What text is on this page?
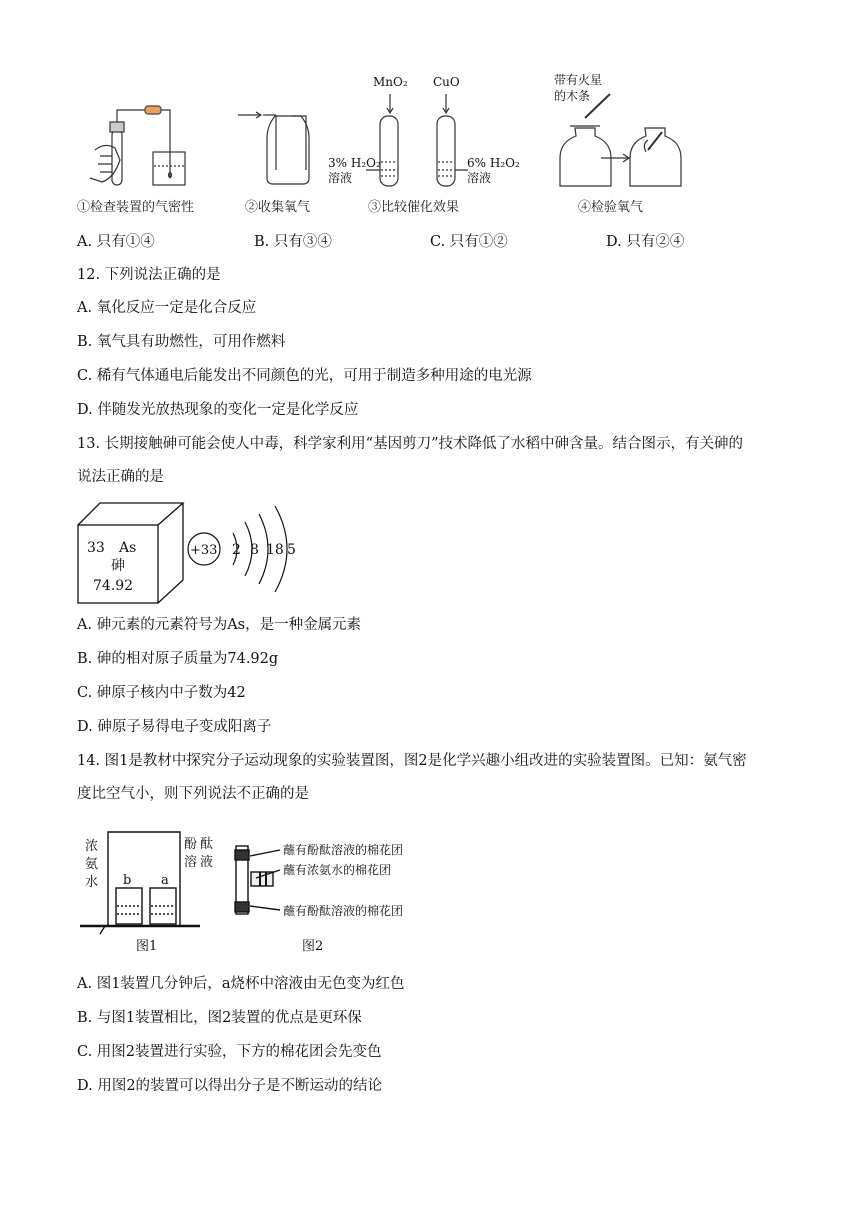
MnO₂ CuO
3% H₂O₂
溶液
6% H₂O₂
溶液
带有火星
的木条
①检查装置的气密性	②收集氧气	③比较催化效果	④检验氧气
A. 只有①④	B. 只有③④	C. 只有①②	D. 只有②④
12. 下列说法正确的是
A. 氧化反应一定是化合反应
B. 氧气具有助燃性，可用作燃料
C. 稀有气体通电后能发出不同颜色的光，可用于制造多种用途的电光源
D. 伴随发光放热现象的变化一定是化学反应
13. 长期接触砷可能会使人中毒，科学家利用“基因剪刀”技术降低了水稻中砷含量。结合图示，有关砷的
说法正确的是
33 As
砷
74.92
+33 2 8 18 5
A. 砷元素的元素符号为As，是一种金属元素
B. 砷的相对原子质量为74.92g
C. 砷原子核内中子数为42
D. 砷原子易得电子变成阳离子
14. 图1是教材中探究分子运动现象的实验装置图，图2是化学兴趣小组改进的实验装置图。已知：氨气密
度比空气小，则下列说法不正确的是
浓
氨
水
酚 酞
溶 液
b a
图1
蘸有酚酞溶液的棉花团
蘸有浓氨水的棉花团
蘸有酚酞溶液的棉花团
图2
A. 图1装置几分钟后，a烧杯中溶液由无色变为红色
B. 与图1装置相比，图2装置的优点是更环保
C. 用图2装置进行实验，下方的棉花团会先变色
D. 用图2的装置可以得出分子是不断运动的结论
